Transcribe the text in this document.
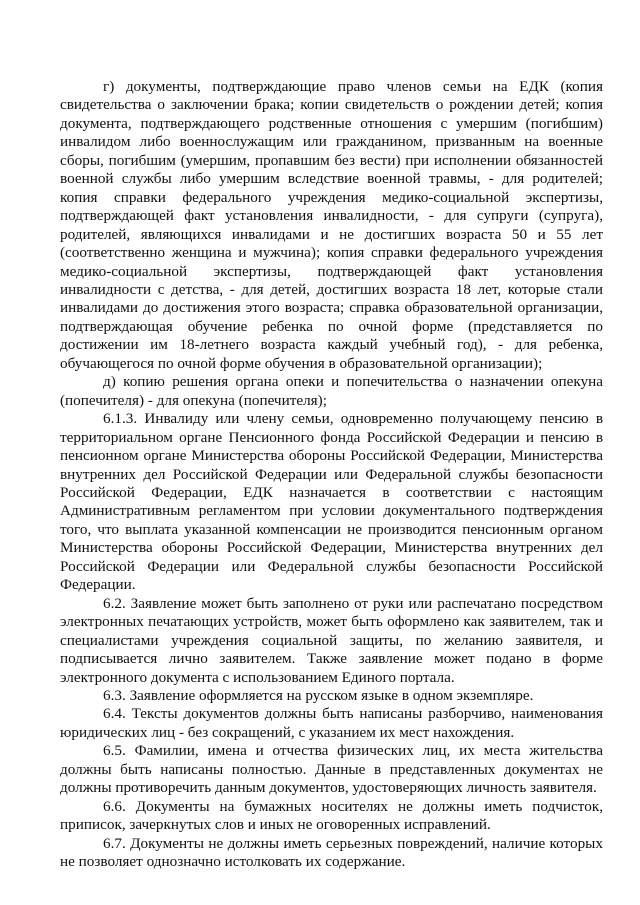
г) документы, подтверждающие право членов семьи на ЕДК (копия свидетельства о заключении брака; копии свидетельств о рождении детей; копия документа, подтверждающего родственные отношения с умершим (погибшим) инвалидом либо военнослужащим или гражданином, призванным на военные сборы, погибшим (умершим, пропавшим без вести) при исполнении обязанностей военной службы либо умершим вследствие военной травмы, - для родителей; копия справки федерального учреждения медико-социальной экспертизы, подтверждающей факт установления инвалидности, - для супруги (супруга), родителей, являющихся инвалидами и не достигших возраста 50 и 55 лет (соответственно женщина и мужчина); копия справки федерального учреждения медико-социальной экспертизы, подтверждающей факт установления инвалидности с детства, - для детей, достигших возраста 18 лет, которые стали инвалидами до достижения этого возраста; справка образовательной организации, подтверждающая обучение ребенка по очной форме (представляется по достижении им 18-летнего возраста каждый учебный год), - для ребенка, обучающегося по очной форме обучения в образовательной организации);

д) копию решения органа опеки и попечительства о назначении опекуна (попечителя) - для опекуна (попечителя);

6.1.3. Инвалиду или члену семьи, одновременно получающему пенсию в территориальном органе Пенсионного фонда Российской Федерации и пенсию в пенсионном органе Министерства обороны Российской Федерации, Министерства внутренних дел Российской Федерации или Федеральной службы безопасности Российской Федерации, ЕДК назначается в соответствии с настоящим Административным регламентом при условии документального подтверждения того, что выплата указанной компенсации не производится пенсионным органом Министерства обороны Российской Федерации, Министерства внутренних дел Российской Федерации или Федеральной службы безопасности Российской Федерации.

6.2. Заявление может быть заполнено от руки или распечатано посредством электронных печатающих устройств, может быть оформлено как заявителем, так и специалистами учреждения социальной защиты, по желанию заявителя, и подписывается лично заявителем. Также заявление может подано в форме электронного документа с использованием Единого портала.

6.3. Заявление оформляется на русском языке в одном экземпляре.

6.4. Тексты документов должны быть написаны разборчиво, наименования юридических лиц - без сокращений, с указанием их мест нахождения.

6.5. Фамилии, имена и отчества физических лиц, их места жительства должны быть написаны полностью. Данные в представленных документах не должны противоречить данным документов, удостоверяющих личность заявителя.

6.6. Документы на бумажных носителях не должны иметь подчисток, приписок, зачеркнутых слов и иных не оговоренных исправлений.

6.7. Документы не должны иметь серьезных повреждений, наличие которых не позволяет однозначно истолковать их содержание.
